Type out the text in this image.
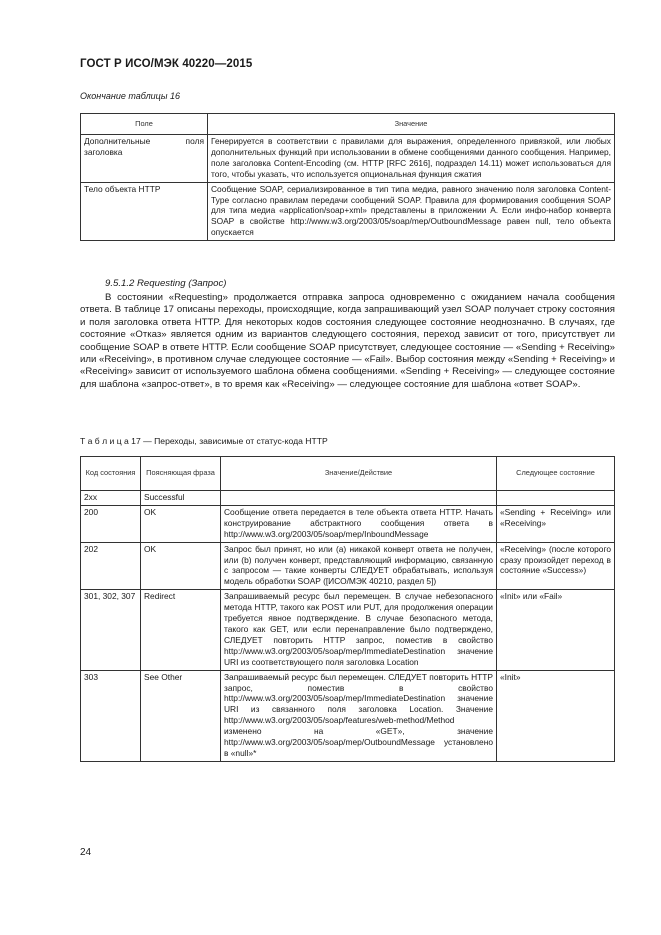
ГОСТ Р ИСО/МЭК 40220—2015
Окончание таблицы 16
Поле	Значение
Дополнительные поля заголовка	Генерируется в соответствии с правилами для выражения, определенного привязкой, или любых дополнительных функций при использовании в обмене сообщениями данного сообщения. Например, поле заголовка Content-Encoding (см. HTTP [RFC 2616], подраздел 14.11) может использоваться для того, чтобы указать, что используется опциональная функция сжатия
Тело объекта HTTP	Сообщение SOAP, сериализированное в тип типа медиа, равного значению поля заголовка Content-Type согласно правилам передачи сообщений SOAP. Правила для формирования сообщения SOAP для типа медиа «application/soap+xml» представлены в приложении А. Если инфо-набор конверта SOAP в свойстве http://www.w3.org/2003/05/soap/mep/OutboundMessage равен null, тело объекта опускается
9.5.1.2 Requesting (Запрос)
В состоянии «Requesting» продолжается отправка запроса одновременно с ожиданием начала сообщения ответа. В таблице 17 описаны переходы, происходящие, когда запрашивающий узел SOAP получает строку состояния и поля заголовка ответа HTTP. Для некоторых кодов состояния следующее состояние неоднозначно. В случаях, где состояние «Отказ» является одним из вариантов следующего состояния, переход зависит от того, присутствует ли сообщение SOAP в ответе HTTP. Если сообщение SOAP присутствует, следующее состояние — «Sending + Receiving» или «Receiving», в противном случае следующее состояние — «Fail». Выбор состояния между «Sending + Receiving» и «Receiving» зависит от используемого шаблона обмена сообщениями. «Sending + Receiving» — следующее состояние для шаблона «запрос-ответ», в то время как «Receiving» — следующее состояние для шаблона «ответ SOAP».
Т а б л и ц а 17 — Переходы, зависимые от статус-кода HTTP
Код состояния	Поясняющая фраза	Значение/Действие	Следующее состояние
2xx	Successful		
200	OK	Сообщение ответа передается в теле объекта ответа HTTP. Начать конструирование абстрактного сообщения ответа в http://www.w3.org/2003/05/soap/mep/InboundMessage	«Sending + Receiving» или «Receiving»
202	OK	Запрос был принят, но или (а) никакой конверт ответа не получен, или (b) получен конверт, представляющий информацию, связанную с запросом — такие конверты СЛЕДУЕТ обрабатывать, используя модель обработки SOAP ([ИСО/МЭК 40210, раздел 5])	«Receiving» (после которого сразу произойдет переход в состояние «Success»)
301, 302, 307	Redirect	Запрашиваемый ресурс был перемещен. В случае небезопасного метода HTTP, такого как POST или PUT, для продолжения операции требуется явное подтверждение. В случае безопасного метода, такого как GET, или если перенаправление было подтверждено, СЛЕДУЕТ повторить HTTP запрос, поместив в свойство http://www.w3.org/2003/05/soap/mep/ImmediateDestination значение URI из соответствующего поля заголовка Location	«Init» или «Fail»
303	See Other	Запрашиваемый ресурс был перемещен. СЛЕДУЕТ повторить HTTP запрос, поместив в свойство http://www.w3.org/2003/05/soap/mep/ImmediateDestination значение URI из связанного поля заголовка Location. Значение http://www.w3.org/2003/05/soap/features/web-method/Method изменено на «GET», значение http://www.w3.org/2003/05/soap/mep/OutboundMessage установлено в «null»*	«Init»
24
